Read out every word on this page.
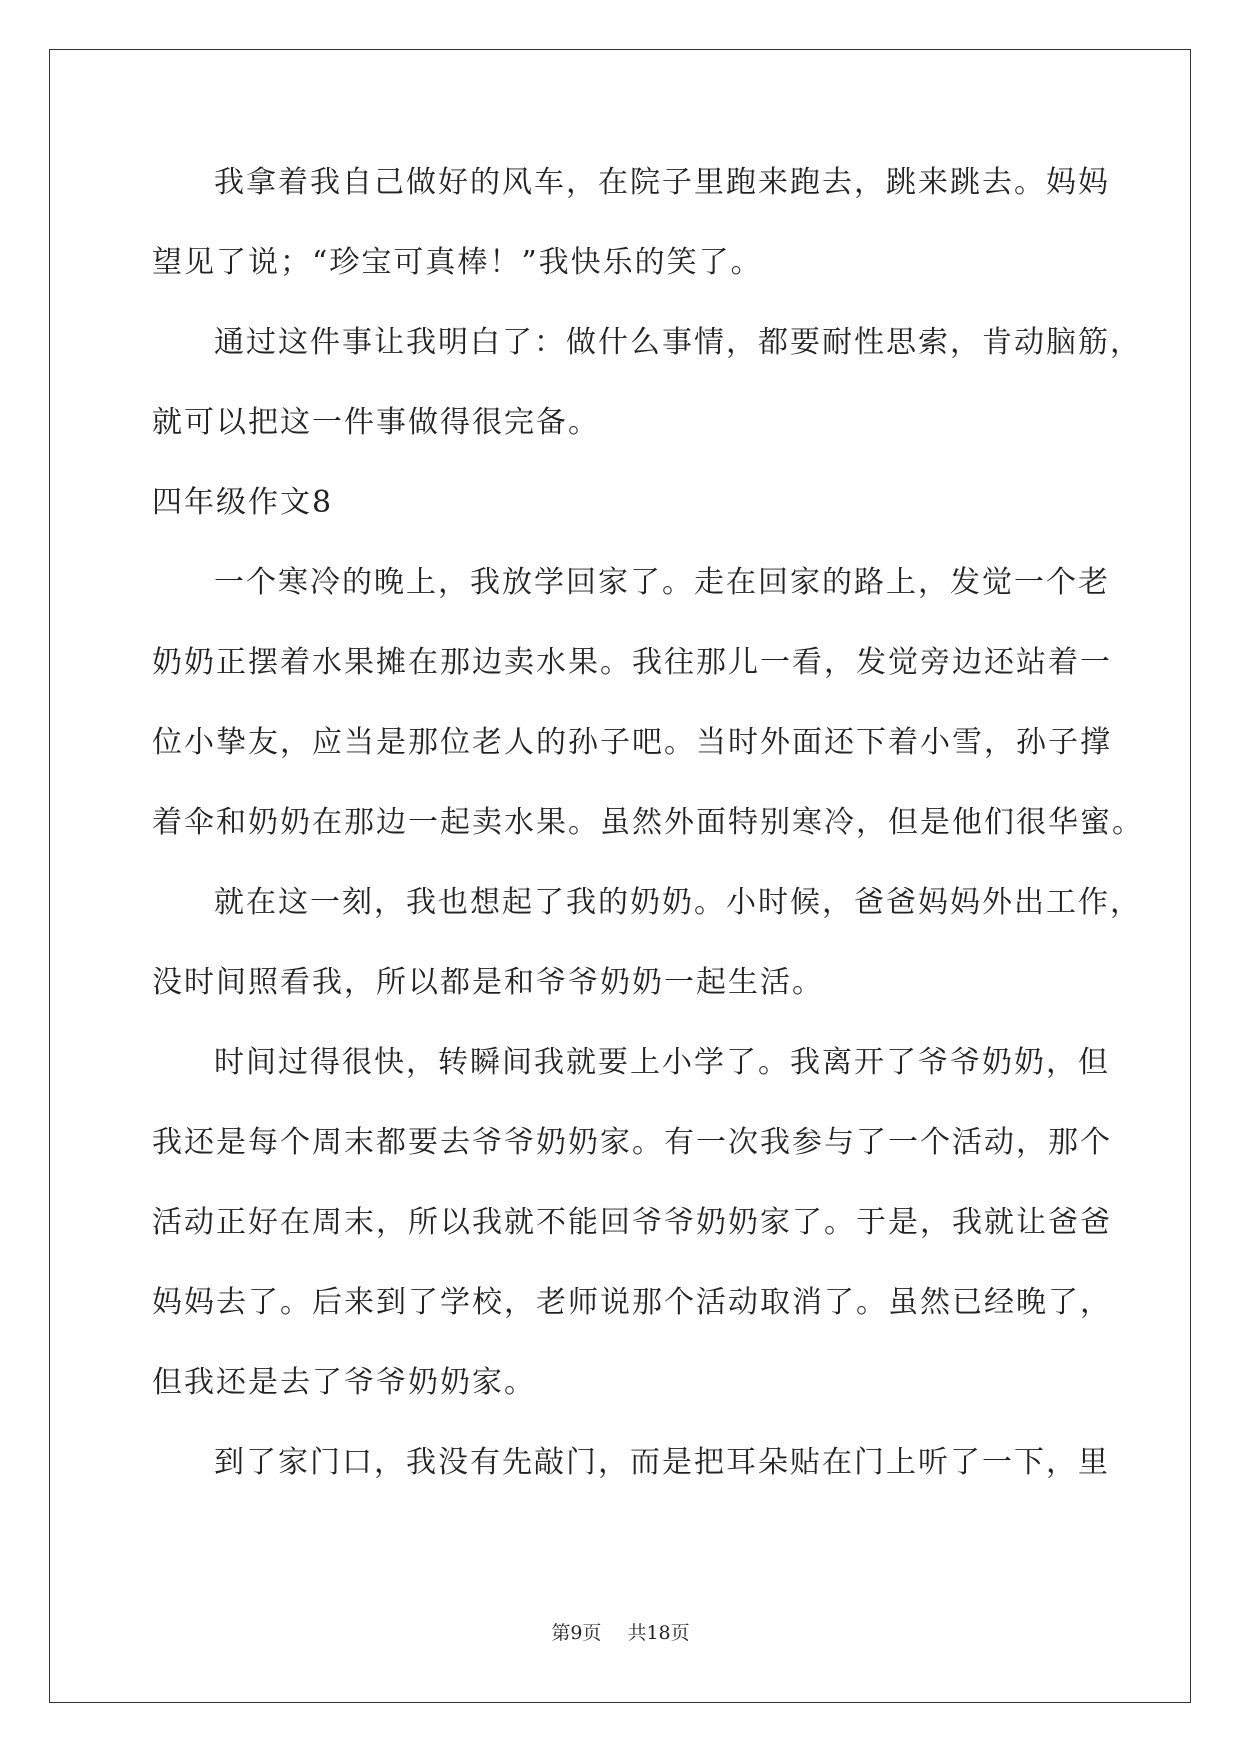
我拿着我自己做好的风车，在院子里跑来跑去，跳来跳去。妈妈
望见了说；“珍宝可真棒！”我快乐的笑了。
通过这件事让我明白了：做什么事情，都要耐性思索，肯动脑筋，
就可以把这一件事做得很完备。
四年级作文8
一个寒冷的晚上，我放学回家了。走在回家的路上，发觉一个老
奶奶正摆着水果摊在那边卖水果。我往那儿一看，发觉旁边还站着一
位小挚友，应当是那位老人的孙子吧。当时外面还下着小雪，孙子撑
着伞和奶奶在那边一起卖水果。虽然外面特别寒冷，但是他们很华蜜。
就在这一刻，我也想起了我的奶奶。小时候，爸爸妈妈外出工作，
没时间照看我，所以都是和爷爷奶奶一起生活。
时间过得很快，转瞬间我就要上小学了。我离开了爷爷奶奶，但
我还是每个周末都要去爷爷奶奶家。有一次我参与了一个活动，那个
活动正好在周末，所以我就不能回爷爷奶奶家了。于是，我就让爸爸
妈妈去了。后来到了学校，老师说那个活动取消了。虽然已经晚了，
但我还是去了爷爷奶奶家。
到了家门口，我没有先敲门，而是把耳朵贴在门上听了一下，里
第9页 共18页
